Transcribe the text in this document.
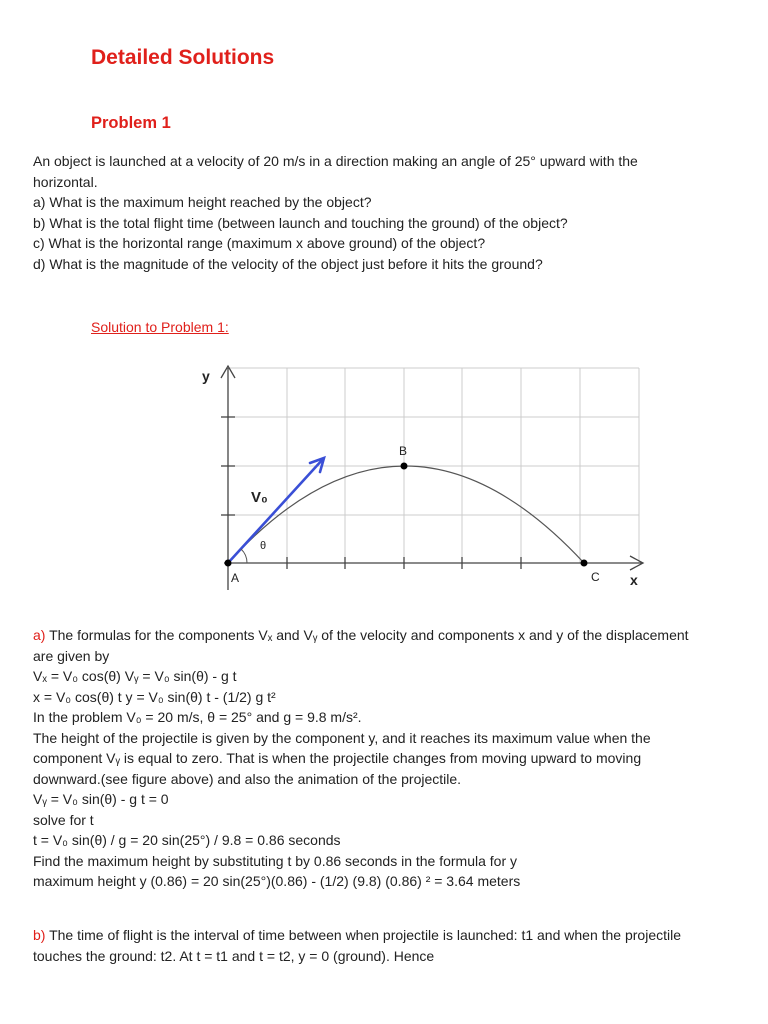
Detailed Solutions
Problem 1
An object is launched at a velocity of 20 m/s in a direction making an angle of 25° upward with the
horizontal.
a) What is the maximum height reached by the object?
b) What is the total flight time (between launch and touching the ground) of the object?
c) What is the horizontal range (maximum x above ground) of the object?
d) What is the magnitude of the velocity of the object just before it hits the ground?
Solution to Problem 1:
y
x
A
B
C
V₀
θ
a) The formulas for the components Vₓ and Vᵧ of the velocity and components x and y of the displacement
are given by
Vₓ = V₀ cos(θ) Vᵧ = V₀ sin(θ) - g t
x = V₀ cos(θ) t y = V₀ sin(θ) t - (1/2) g t²
In the problem V₀ = 20 m/s, θ = 25° and g = 9.8 m/s².
The height of the projectile is given by the component y, and it reaches its maximum value when the
component Vᵧ is equal to zero. That is when the projectile changes from moving upward to moving
downward.(see figure above) and also the animation of the projectile.
Vᵧ = V₀ sin(θ) - g t = 0
solve for t
t = V₀ sin(θ) / g = 20 sin(25°) / 9.8 = 0.86 seconds
Find the maximum height by substituting t by 0.86 seconds in the formula for y
maximum height y (0.86) = 20 sin(25°)(0.86) - (1/2) (9.8) (0.86) ² = 3.64 meters
b) The time of flight is the interval of time between when projectile is launched: t1 and when the projectile
touches the ground: t2. At t = t1 and t = t2, y = 0 (ground). Hence
